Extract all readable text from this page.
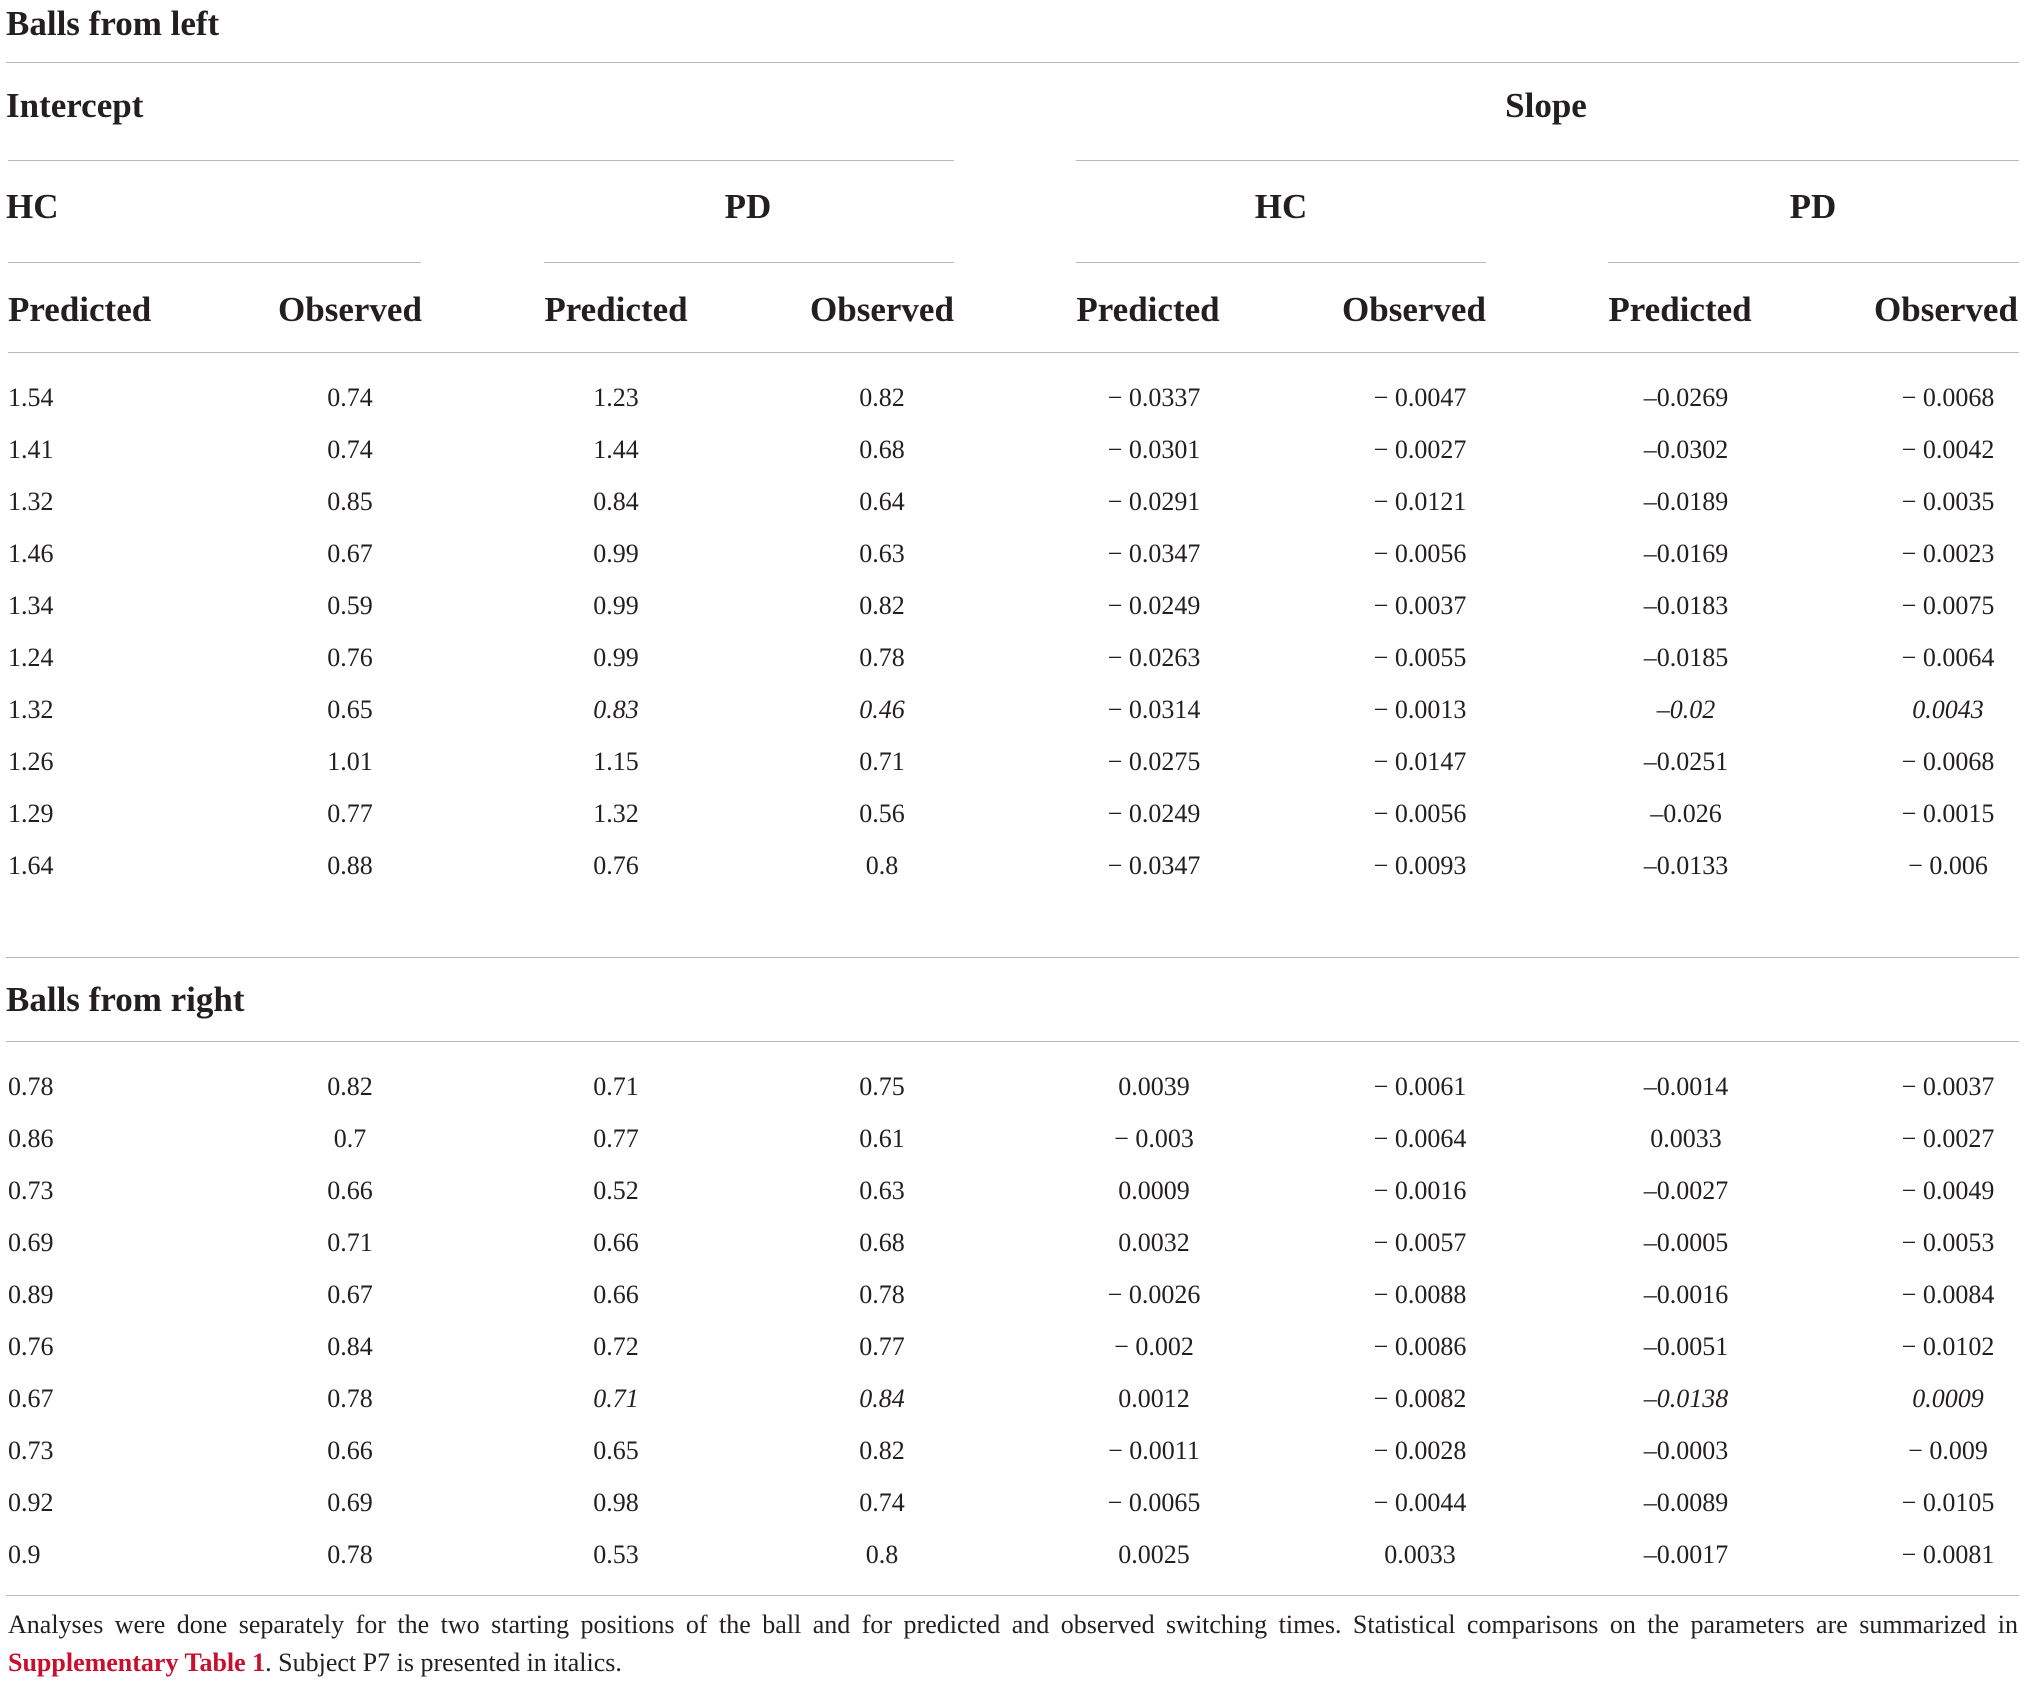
Balls from left
Intercept	Slope
HC	PD	HC	PD
Predicted	Observed	Predicted	Observed	Predicted	Observed	Predicted	Observed
1.54	0.74	1.23	0.82	− 0.0337	− 0.0047	–0.0269	− 0.0068
1.41	0.74	1.44	0.68	− 0.0301	− 0.0027	–0.0302	− 0.0042
1.32	0.85	0.84	0.64	− 0.0291	− 0.0121	–0.0189	− 0.0035
1.46	0.67	0.99	0.63	− 0.0347	− 0.0056	–0.0169	− 0.0023
1.34	0.59	0.99	0.82	− 0.0249	− 0.0037	–0.0183	− 0.0075
1.24	0.76	0.99	0.78	− 0.0263	− 0.0055	–0.0185	− 0.0064
1.32	0.65	0.83	0.46	− 0.0314	− 0.0013	–0.02	0.0043
1.26	1.01	1.15	0.71	− 0.0275	− 0.0147	–0.0251	− 0.0068
1.29	0.77	1.32	0.56	− 0.0249	− 0.0056	–0.026	− 0.0015
1.64	0.88	0.76	0.8	− 0.0347	− 0.0093	–0.0133	− 0.006
Balls from right
0.78	0.82	0.71	0.75	0.0039	− 0.0061	–0.0014	− 0.0037
0.86	0.7	0.77	0.61	− 0.003	− 0.0064	0.0033	− 0.0027
0.73	0.66	0.52	0.63	0.0009	− 0.0016	–0.0027	− 0.0049
0.69	0.71	0.66	0.68	0.0032	− 0.0057	–0.0005	− 0.0053
0.89	0.67	0.66	0.78	− 0.0026	− 0.0088	–0.0016	− 0.0084
0.76	0.84	0.72	0.77	− 0.002	− 0.0086	–0.0051	− 0.0102
0.67	0.78	0.71	0.84	0.0012	− 0.0082	–0.0138	0.0009
0.73	0.66	0.65	0.82	− 0.0011	− 0.0028	–0.0003	− 0.009
0.92	0.69	0.98	0.74	− 0.0065	− 0.0044	–0.0089	− 0.0105
0.9	0.78	0.53	0.8	0.0025	0.0033	–0.0017	− 0.0081
Analyses were done separately for the two starting positions of the ball and for predicted and observed switching times. Statistical comparisons on the parameters are summarized in Supplementary Table 1. Subject P7 is presented in italics.
